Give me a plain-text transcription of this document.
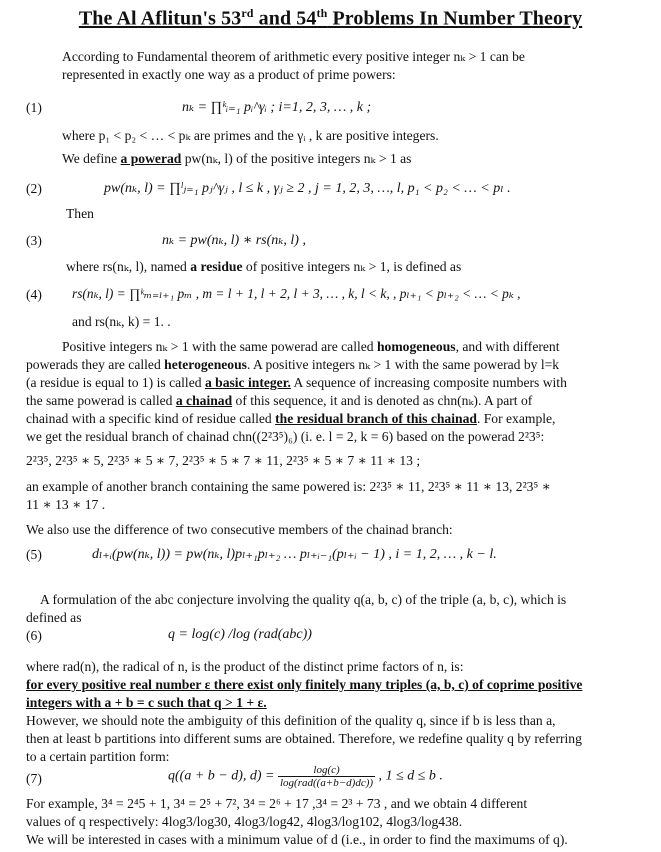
The Al Aflitun's 53rd and 54th Problems In Number Theory
According to Fundamental theorem of arithmetic every positive integer nₖ > 1 can be
represented in exactly one way as a product of prime powers:
(1)	nₖ = ∏ᵏᵢ₌₁ pᵢ^γᵢ ; i=1, 2, 3, … , k ;
where p₁ < p₂ < … < pₖ are primes and the γᵢ , k are positive integers.
We define a powerad pw(nₖ, l) of the positive integers nₖ > 1 as
(2)	pw(nₖ, l) = ∏ˡⱼ₌₁ pⱼ^γⱼ , l ≤ k , γⱼ ≥ 2 , j = 1, 2, 3, …, l, p₁ < p₂ < … < pₗ .
Then
(3)	nₖ = pw(nₖ, l) ∗ rs(nₖ, l) ,
where rs(nₖ, l), named a residue of positive integers nₖ > 1, is defined as
(4) rs(nₖ, l) = ∏ᵏₘ₌ₗ₊₁ pₘ , m = l + 1, l + 2, l + 3, … , k, l < k, , pₗ₊₁ < pₗ₊₂ < … < pₖ ,
and rs(nₖ, k) = 1. .
Positive integers nₖ > 1 with the same powerad are called homogeneous, and with different
powerads they are called heterogeneous. A positive integers nₖ > 1 with the same powerad by l=k
(a residue is equal to 1) is called a basic integer. A sequence of increasing composite numbers with
the same powerad is called a chainad of this sequence, it and is denoted as chn(nₖ). A part of
chainad with a specific kind of residue called the residual branch of this chainad. For example,
we get the residual branch of chainad chn((2²3⁵)₆) (i. e. l = 2, k = 6) based on the powerad 2²3⁵:
2²3⁵, 2²3⁵ ∗ 5, 2²3⁵ ∗ 5 ∗ 7, 2²3⁵ ∗ 5 ∗ 7 ∗ 11, 2²3⁵ ∗ 5 ∗ 7 ∗ 11 ∗ 13 ;
an example of another branch containing the same powered is: 2²3⁵ ∗ 11, 2²3⁵ ∗ 11 ∗ 13, 2²3⁵ ∗
11 ∗ 13 ∗ 17 .
We also use the difference of two consecutive members of the chainad branch:
(5)	dₗ₊ᵢ(pw(nₖ, l)) = pw(nₖ, l)pₗ₊₁pₗ₊₂ … pₗ₊ᵢ₋₁(pₗ₊ᵢ − 1) , i = 1, 2, … , k − l.
A formulation of the abc conjecture involving the quality q(a, b, c) of the triple (a, b, c), which is
defined as
(6)	q = log(c) /log (rad(abc))
where rad(n), the radical of n, is the product of the distinct prime factors of n, is:
for every positive real number ε there exist only finitely many triples (a, b, c) of coprime positive
integers with a + b = c such that q > 1 + ε.
However, we should note the ambiguity of this definition of the quality q, since if b is less than a,
then at least b partitions into different sums are obtained. Therefore, we redefine quality q by referring
to a certain partition form:
(7)	q((a + b − d), $d) = \frac{\log(c)}{\text{log(rad((a+b−d)dc))}}$ , 1 ≤ d ≤ b .
For example, 3⁴ = 2⁴5 + 1, 3⁴ = 2⁵ + 7², 3⁴ = 2⁶ + 17 ,3⁴ = 2³ + 73 , and we obtain 4 different
values of q respectively: 4log3/log30, 4log3/log42, 4log3/log102, 4log3/log438.
We will be interested in cases with a minimum value of d (i.e., in order to find the maximums of q).
